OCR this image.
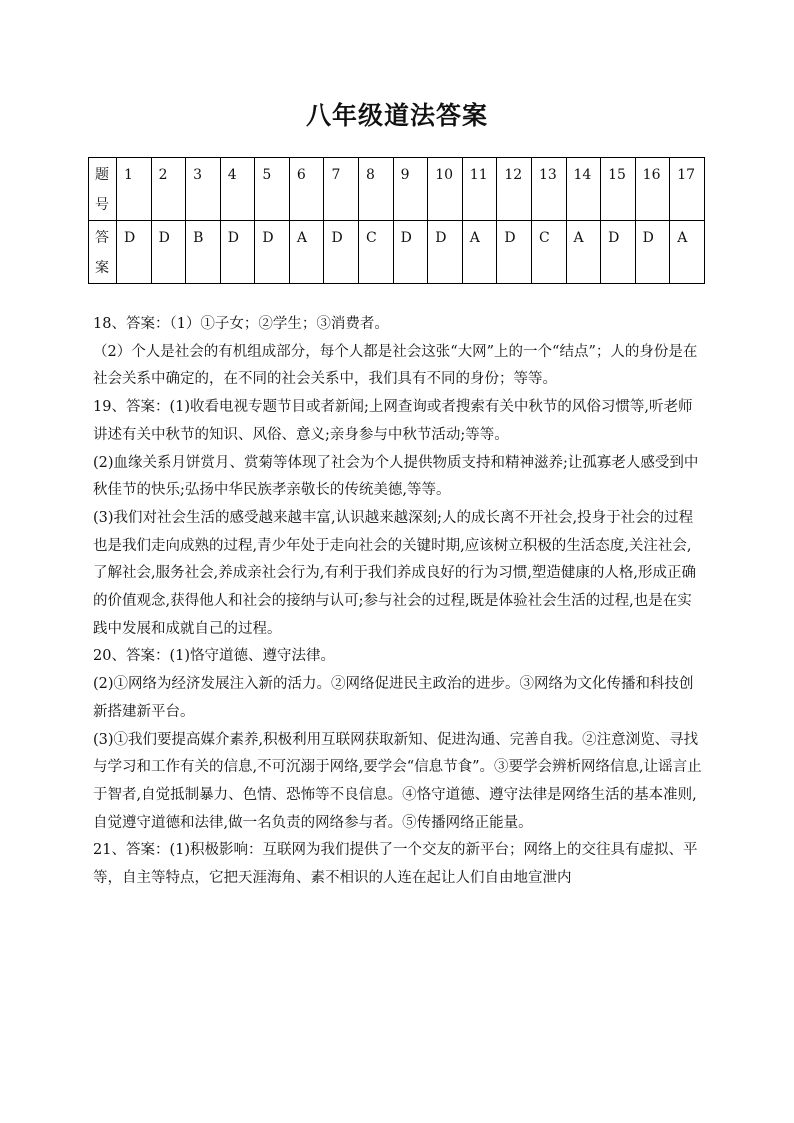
八年级道法答案
题号	1	2	3	4	5	6	7	8	9	10	11	12	13	14	15	16	17

答案	D	D	B	D	D	A	D	C	D	D	A	D	C	A	D	D	A

18、答案：（1）①子女；②学生；③消费者。

（2）个人是社会的有机组成部分，每个人都是社会这张“大网”上的一个“结点”；人的身份是在社会关系中确定的，在不同的社会关系中，我们具有不同的身份；等等。

19、答案：(1)收看电视专题节目或者新闻;上网查询或者搜索有关中秋节的风俗习惯等,听老师讲述有关中秋节的知识、风俗、意义;亲身参与中秋节活动;等等。

(2)血缘关系月饼赏月、赏菊等体现了社会为个人提供物质支持和精神滋养;让孤寡老人感受到中秋佳节的快乐;弘扬中华民族孝亲敬长的传统美德,等等。

(3)我们对社会生活的感受越来越丰富,认识越来越深刻;人的成长离不开社会,投身于社会的过程也是我们走向成熟的过程,青少年处于走向社会的关键时期,应该树立积极的生活态度,关注社会,了解社会,服务社会,养成亲社会行为,有利于我们养成良好的行为习惯,塑造健康的人格,形成正确的价值观念,获得他人和社会的接纳与认可;参与社会的过程,既是体验社会生活的过程,也是在实践中发展和成就自己的过程。

20、答案：(1)恪守道德、遵守法律。

(2)①网络为经济发展注入新的活力。②网络促进民主政治的进步。③网络为文化传播和科技创新搭建新平台。

(3)①我们要提高媒介素养,积极利用互联网获取新知、促进沟通、完善自我。②注意浏览、寻找与学习和工作有关的信息,不可沉溺于网络,要学会“信息节食”。③要学会辨析网络信息,让谣言止于智者,自觉抵制暴力、色情、恐怖等不良信息。④恪守道德、遵守法律是网络生活的基本准则,自觉遵守道德和法律,做一名负责的网络参与者。⑤传播网络正能量。

21、答案：(1)积极影响：互联网为我们提供了一个交友的新平台；网络上的交往具有虚拟、平等，自主等特点，它把天涯海角、素不相识的人连在起让人们自由地宣泄内
